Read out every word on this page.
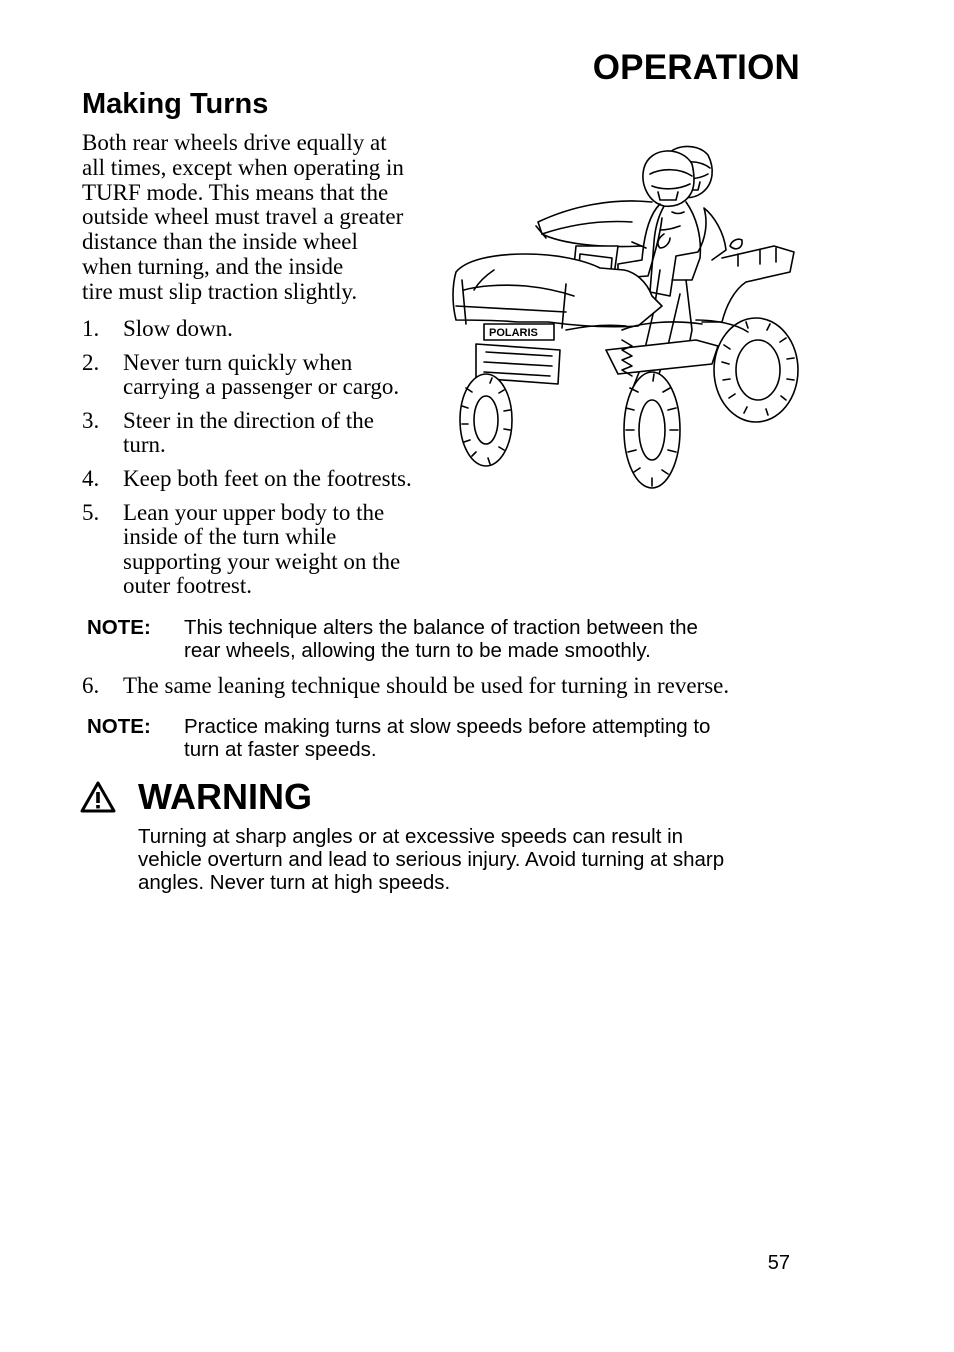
OPERATION
Making Turns
Both rear wheels drive equally at
all times, except when operating in
TURF mode. This means that the
outside wheel must travel a greater
distance than the inside wheel
when turning, and the inside
tire must slip traction slightly.
1.	Slow down.
2.	Never turn quickly when
carrying a passenger or cargo.
3.	Steer in the direction of the
turn.
4.	Keep both feet on the footrests.
5.	Lean your upper body to the
inside of the turn while
supporting your weight on the
outer footrest.
NOTE:	This technique alters the balance of traction between the
rear wheels, allowing the turn to be made smoothly.
6.	The same leaning technique should be used for turning in reverse.
NOTE:	Practice making turns at slow speeds before attempting to
turn at faster speeds.
WARNING
Turning at sharp angles or at excessive speeds can result in
vehicle overturn and lead to serious injury. Avoid turning at sharp
angles. Never turn at high speeds.
POLARIS
57
